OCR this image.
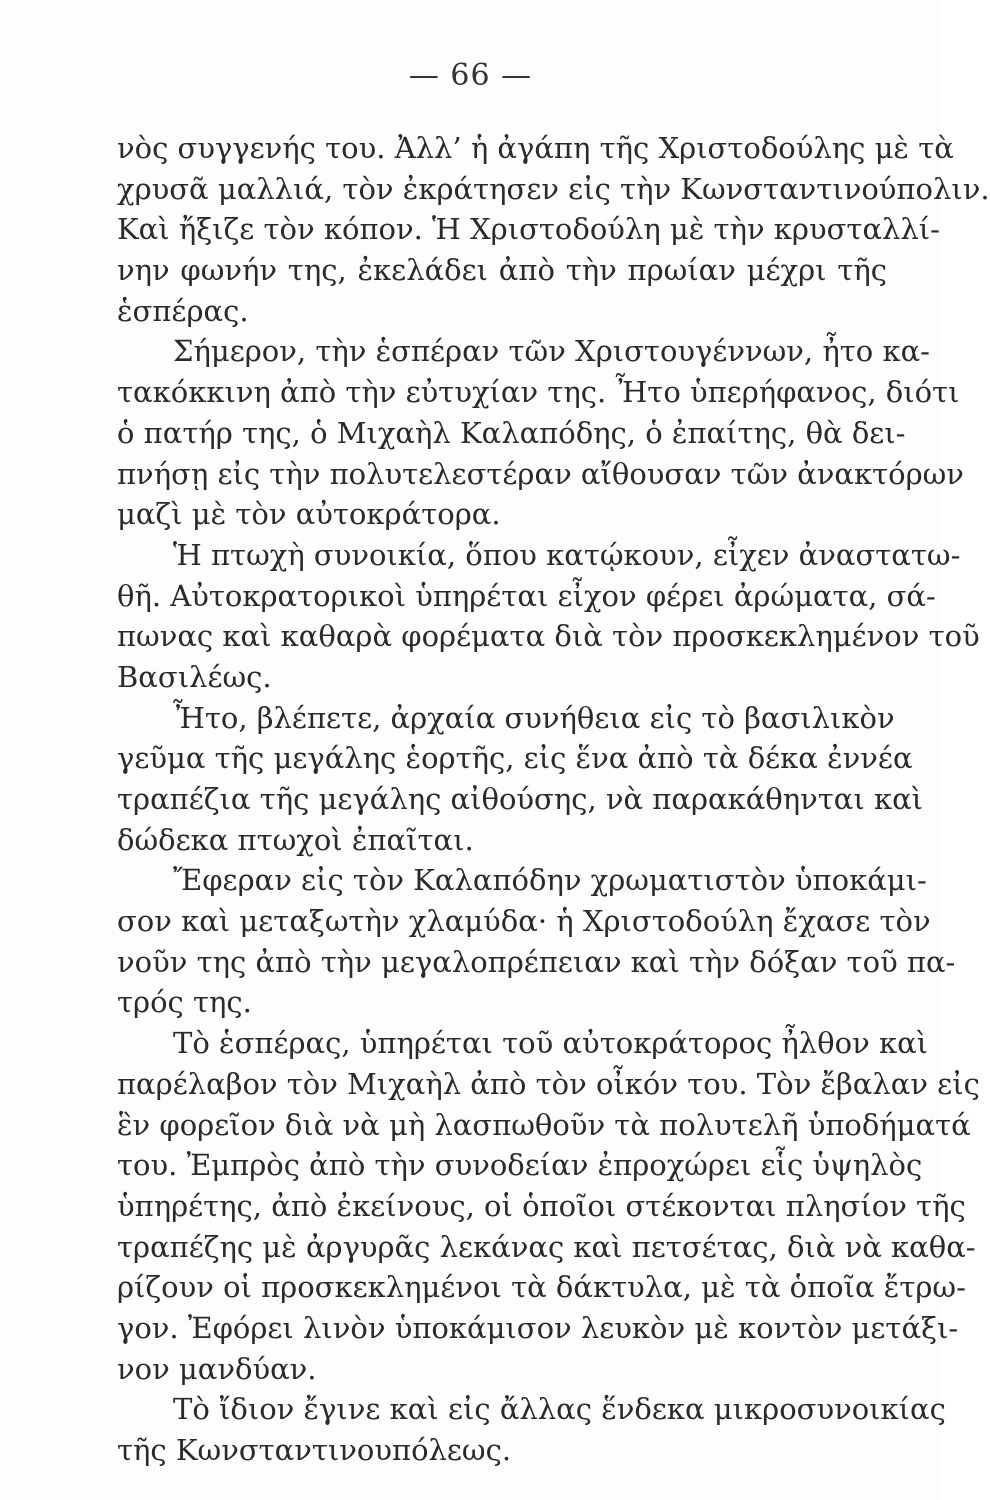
— 66 —
νὸς συγγενής του. Ἀλλ’ ἡ ἀγάπη τῆς Χριστοδούλης μὲ τὰ
χρυσᾶ μαλλιά, τὸν ἐκράτησεν εἰς τὴν Κωνσταντινούπολιν.
Καὶ ἤξιζε τὸν κόπον. Ἡ Χριστοδούλη μὲ τὴν κρυσταλλί-
νην φωνήν της, ἐκελάδει ἀπὸ τὴν πρωίαν μέχρι τῆς
ἑσπέρας.
Σήμερον, τὴν ἑσπέραν τῶν Χριστουγέννων, ἦτο κα-
τακόκκινη ἀπὸ τὴν εὐτυχίαν της. Ἦτο ὑπερήφανος, διότι
ὁ πατήρ της, ὁ Μιχαὴλ Καλαπόδης, ὁ ἐπαίτης, θὰ δει-
πνήσῃ εἰς τὴν πολυτελεστέραν αἴθουσαν τῶν ἀνακτόρων
μαζὶ μὲ τὸν αὐτοκράτορα.
Ἡ πτωχὴ συνοικία, ὅπου κατῴκουν, εἶχεν ἀναστατω-
θῆ. Αὐτοκρατορικοὶ ὑπηρέται εἶχον φέρει ἀρώματα, σά-
πωνας καὶ καθαρὰ φορέματα διὰ τὸν προσκεκλημένον τοῦ
Βασιλέως.
Ἦτο, βλέπετε, ἀρχαία συνήθεια εἰς τὸ βασιλικὸν
γεῦμα τῆς μεγάλης ἑορτῆς, εἰς ἕνα ἀπὸ τὰ δέκα ἐννέα
τραπέζια τῆς μεγάλης αἰθούσης, νὰ παρακάθηνται καὶ
δώδεκα πτωχοὶ ἐπαῖται.
Ἔφεραν εἰς τὸν Καλαπόδην χρωματιστὸν ὑποκάμι-
σον καὶ μεταξωτὴν χλαμύδα· ἡ Χριστοδούλη ἔχασε τὸν
νοῦν της ἀπὸ τὴν μεγαλοπρέπειαν καὶ τὴν δόξαν τοῦ πα-
τρός της.
Τὸ ἑσπέρας, ὑπηρέται τοῦ αὐτοκράτορος ἦλθον καὶ
παρέλαβον τὸν Μιχαὴλ ἀπὸ τὸν οἶκόν του. Τὸν ἔβαλαν εἰς
ἓν φορεῖον διὰ νὰ μὴ λασπωθοῦν τὰ πολυτελῆ ὑποδήματά
του. Ἐμπρὸς ἀπὸ τὴν συνοδείαν ἐπροχώρει εἷς ὑψηλὸς
ὑπηρέτης, ἀπὸ ἐκείνους, οἱ ὁποῖοι στέκονται πλησίον τῆς
τραπέζης μὲ ἀργυρᾶς λεκάνας καὶ πετσέτας, διὰ νὰ καθα-
ρίζουν οἱ προσκεκλημένοι τὰ δάκτυλα, μὲ τὰ ὁποῖα ἔτρω-
γον. Ἐφόρει λινὸν ὑποκάμισον λευκὸν μὲ κοντὸν μετάξι-
νον μανδύαν.
Τὸ ἴδιον ἔγινε καὶ εἰς ἄλλας ἕνδεκα μικροσυνοικίας
τῆς Κωνσταντινουπόλεως.
